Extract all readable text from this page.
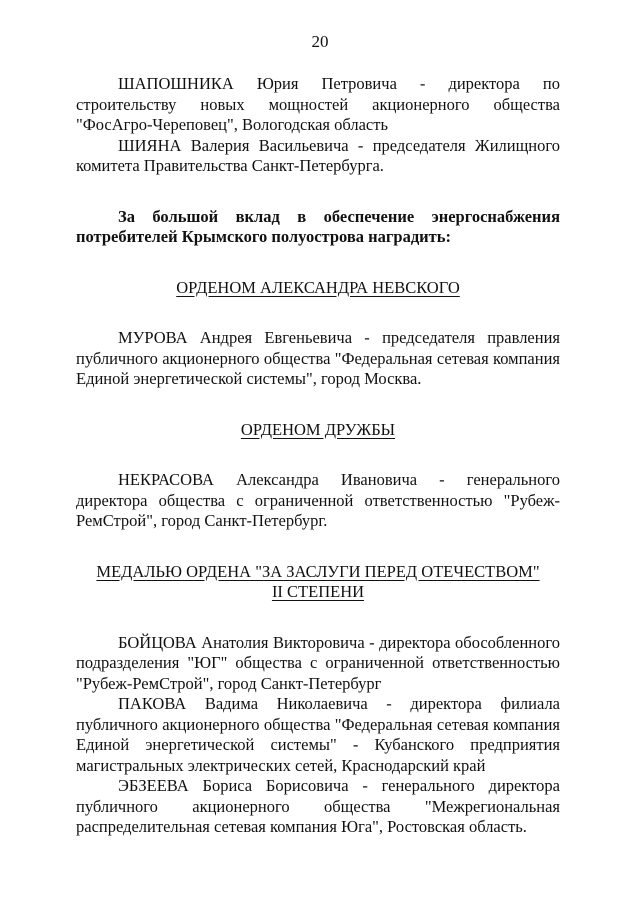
20

ШАПОШНИКА Юрия Петровича - директора по строительству новых мощностей акционерного общества "ФосАгро-Череповец", Вологодская область

ШИЯНА Валерия Васильевича - председателя Жилищного комитета Правительства Санкт-Петербурга.

За большой вклад в обеспечение энергоснабжения потребителей Крымского полуострова наградить:

ОРДЕНОМ АЛЕКСАНДРА НЕВСКОГО

МУРОВА Андрея Евгеньевича - председателя правления публичного акционерного общества "Федеральная сетевая компания Единой энергетической системы", город Москва.

ОРДЕНОМ ДРУЖБЫ

НЕКРАСОВА Александра Ивановича - генерального директора общества с ограниченной ответственностью "Рубеж-РемСтрой", город Санкт-Петербург.

МЕДАЛЬЮ ОРДЕНА "ЗА ЗАСЛУГИ ПЕРЕД ОТЕЧЕСТВОМ"
II СТЕПЕНИ

БОЙЦОВА Анатолия Викторовича - директора обособленного подразделения "ЮГ" общества с ограниченной ответственностью "Рубеж-РемСтрой", город Санкт-Петербург

ПАКОВА Вадима Николаевича - директора филиала публичного акционерного общества "Федеральная сетевая компания Единой энергетической системы" - Кубанского предприятия магистральных электрических сетей, Краснодарский край

ЭБЗЕЕВА Бориса Борисовича - генерального директора публичного акционерного общества "Межрегиональная распределительная сетевая компания Юга", Ростовская область.
